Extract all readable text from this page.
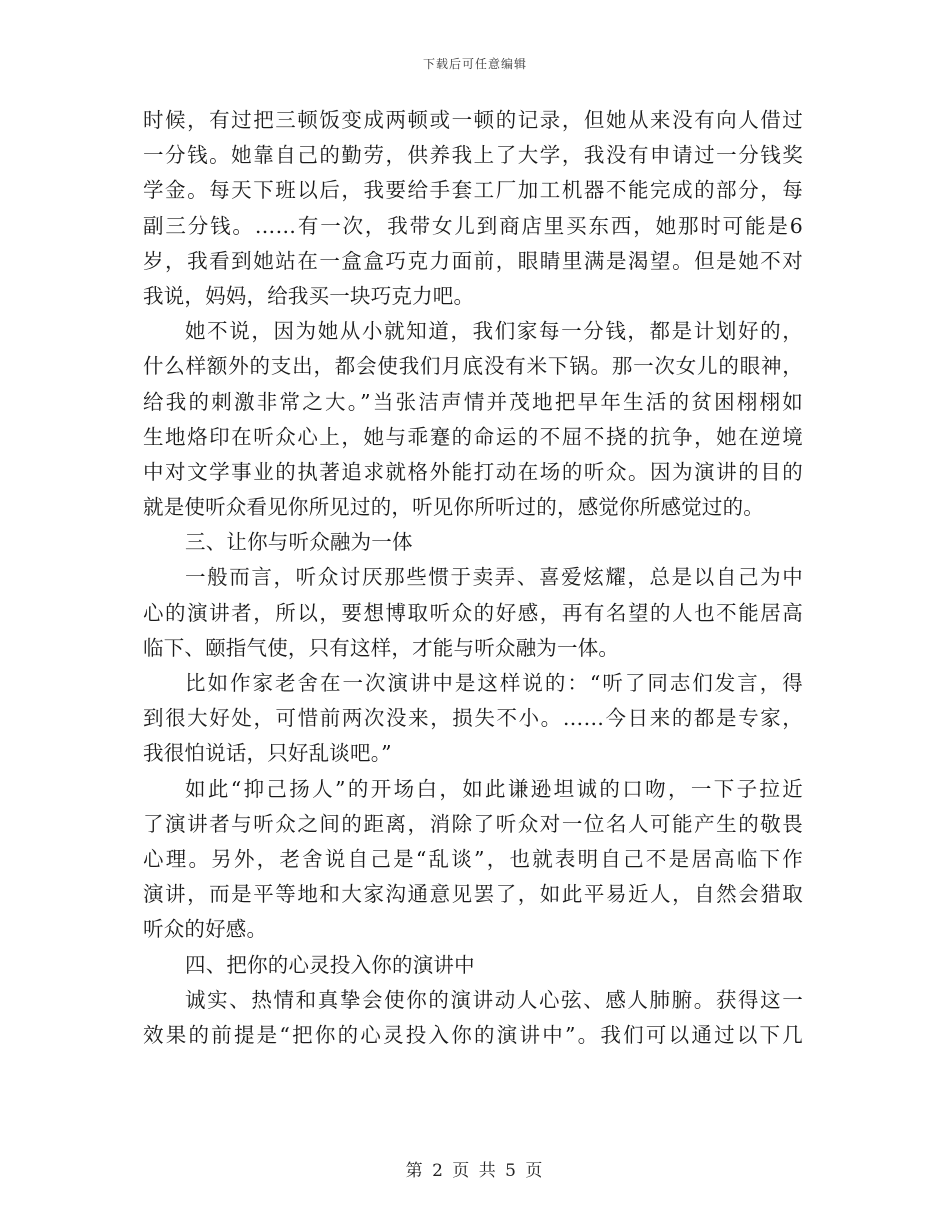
下载后可任意编辑
时候，有过把三顿饭变成两顿或一顿的记录，但她从来没有向人借过
一分钱。她靠自己的勤劳，供养我上了大学，我没有申请过一分钱奖
学金。每天下班以后，我要给手套工厂加工机器不能完成的部分，每
副三分钱。……有一次，我带女儿到商店里买东西，她那时可能是6
岁，我看到她站在一盒盒巧克力面前，眼睛里满是渴望。但是她不对
我说，妈妈，给我买一块巧克力吧。
她不说，因为她从小就知道，我们家每一分钱，都是计划好的，
什么样额外的支出，都会使我们月底没有米下锅。那一次女儿的眼神，
给我的刺激非常之大。”当张洁声情并茂地把早年生活的贫困栩栩如
生地烙印在听众心上，她与乖蹇的命运的不屈不挠的抗争，她在逆境
中对文学事业的执著追求就格外能打动在场的听众。因为演讲的目的
就是使听众看见你所见过的，听见你所听过的，感觉你所感觉过的。
三、让你与听众融为一体
一般而言，听众讨厌那些惯于卖弄、喜爱炫耀，总是以自己为中
心的演讲者，所以，要想博取听众的好感，再有名望的人也不能居高
临下、颐指气使，只有这样，才能与听众融为一体。
比如作家老舍在一次演讲中是这样说的：“听了同志们发言，得
到很大好处，可惜前两次没来，损失不小。……今日来的都是专家，
我很怕说话，只好乱谈吧。”
如此“抑己扬人”的开场白，如此谦逊坦诚的口吻，一下子拉近
了演讲者与听众之间的距离，消除了听众对一位名人可能产生的敬畏
心理。另外，老舍说自己是“乱谈”，也就表明自己不是居高临下作
演讲，而是平等地和大家沟通意见罢了，如此平易近人，自然会猎取
听众的好感。
四、把你的心灵投入你的演讲中
诚实、热情和真挚会使你的演讲动人心弦、感人肺腑。获得这一
效果的前提是“把你的心灵投入你的演讲中”。我们可以通过以下几
第 2 页 共 5 页
